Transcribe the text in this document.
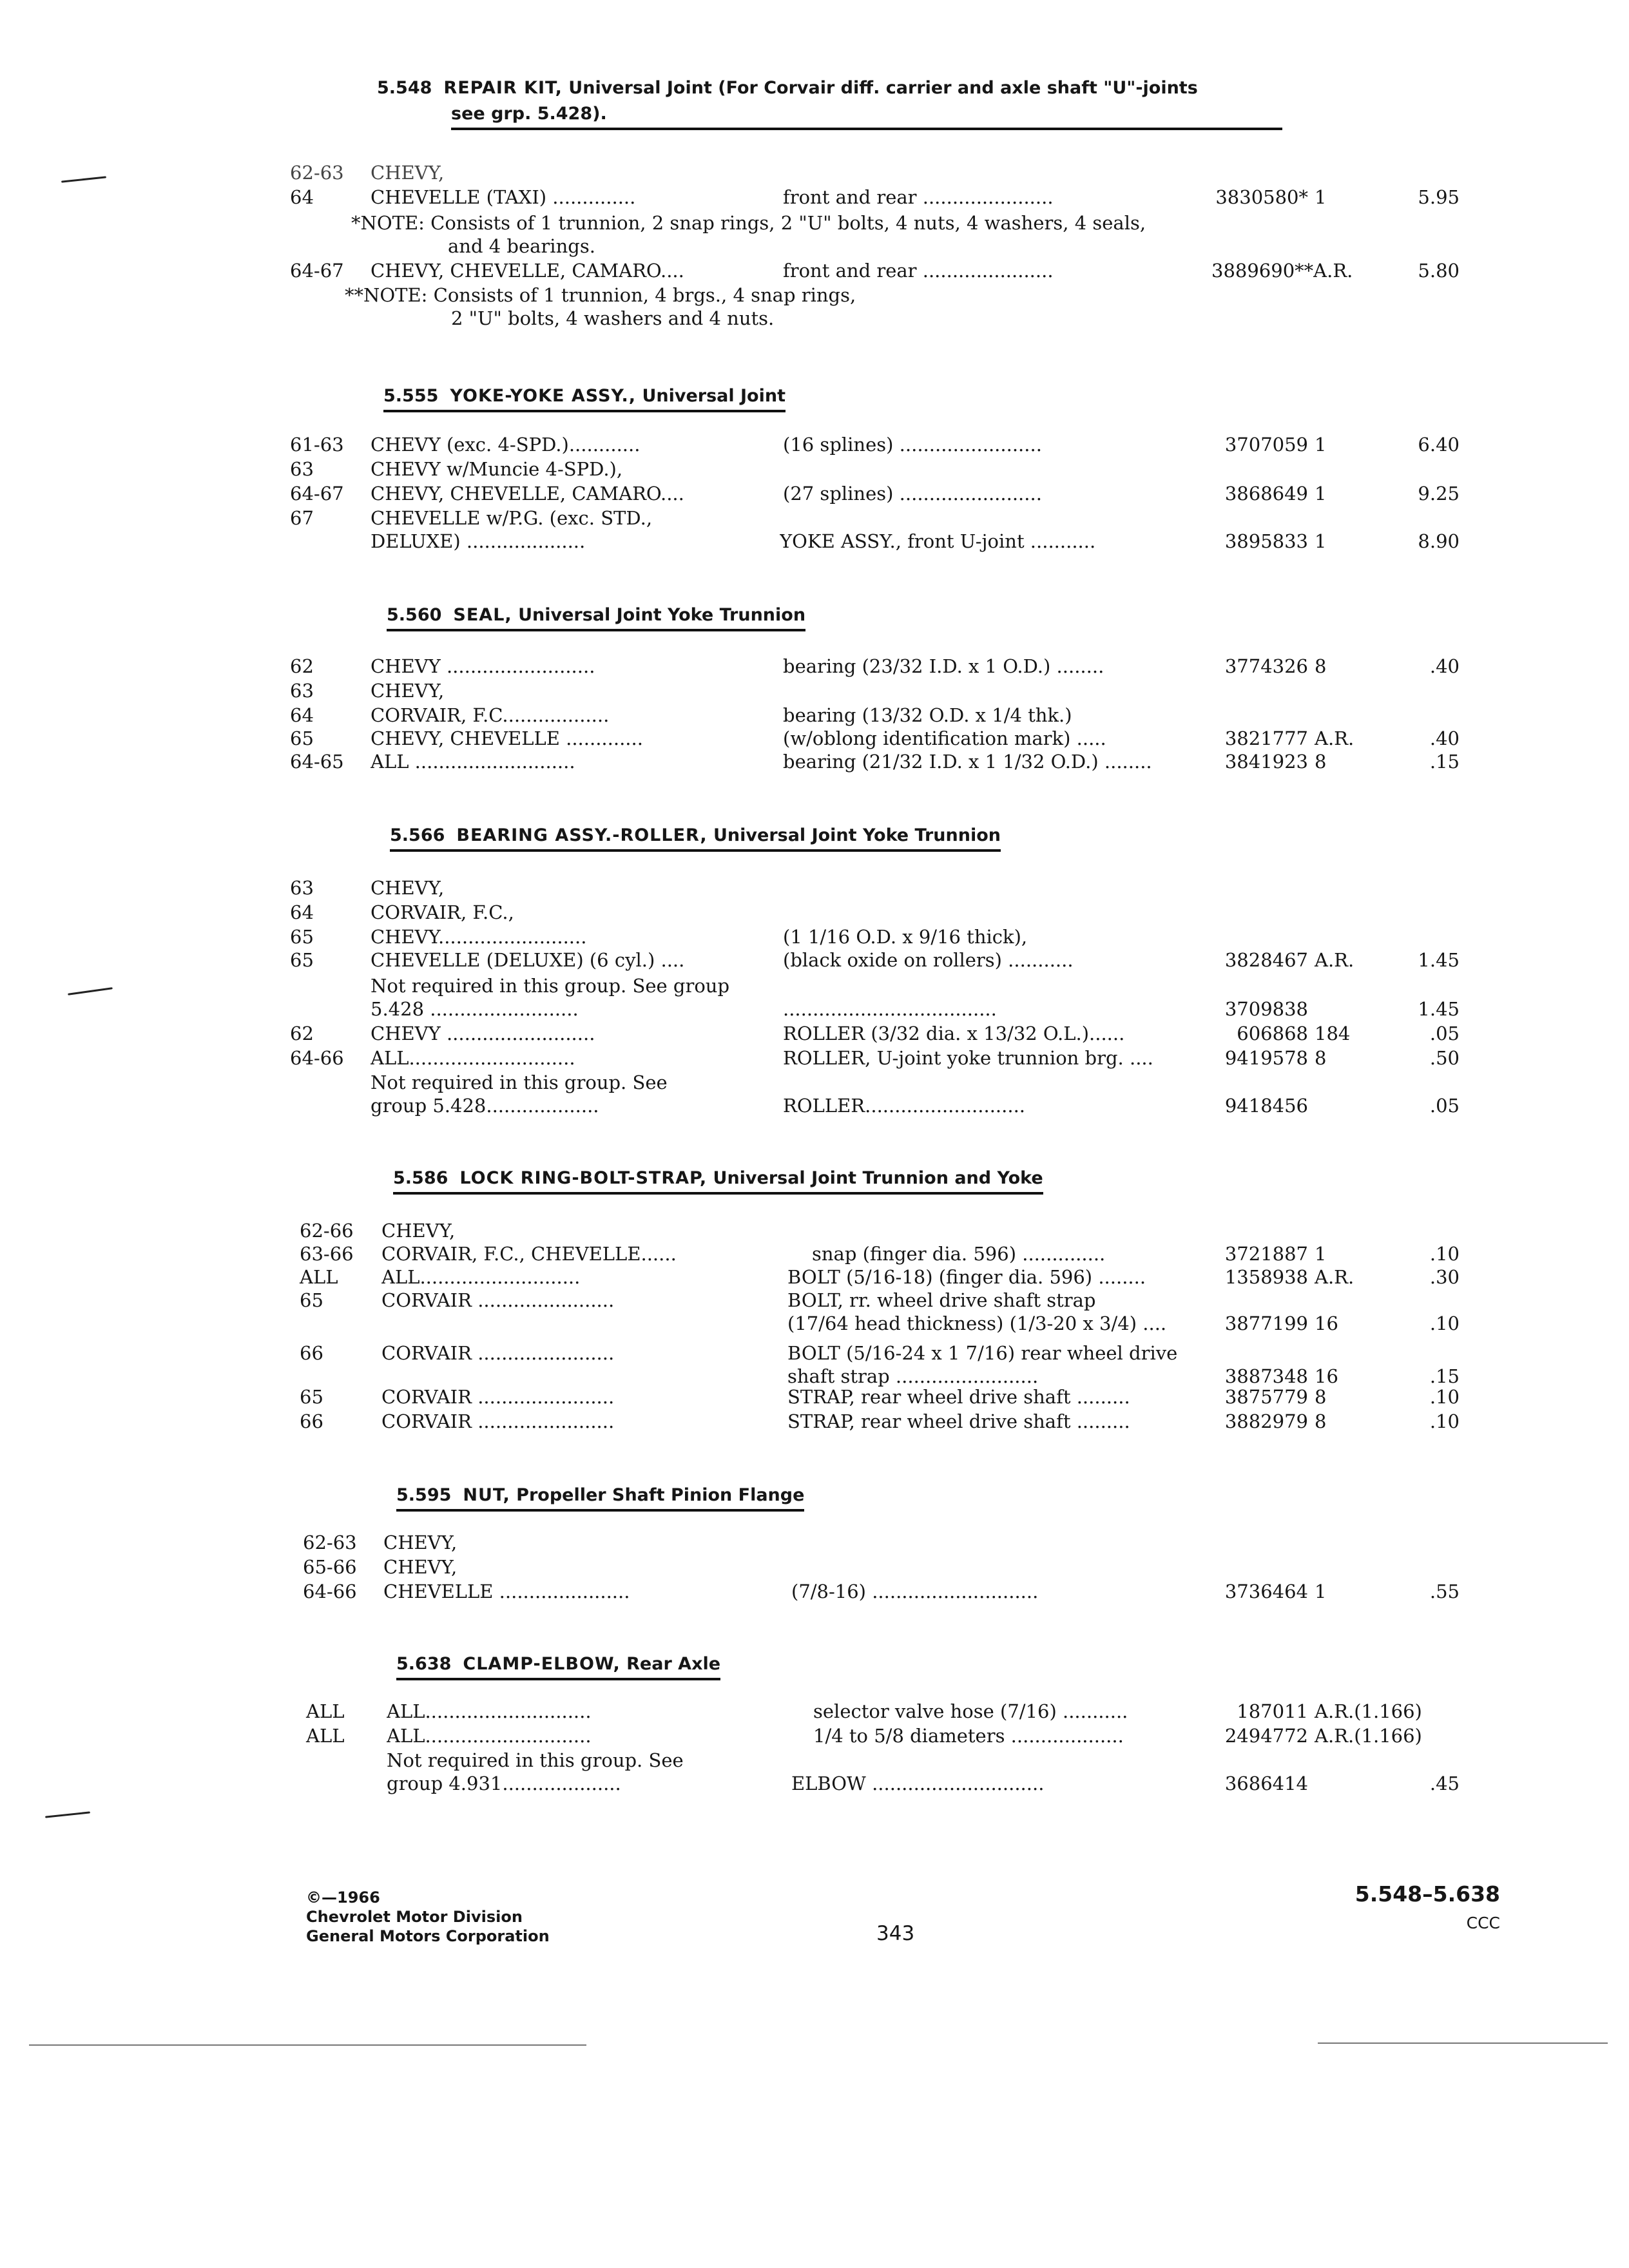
5.548 REPAIR KIT, Universal Joint (For Corvair diff. carrier and axle shaft "U"-joints
see grp. 5.428).
62-63 CHEVY,
64	CHEVELLE (TAXI) ..............	front and rear ......................	3830580* 1	5.95
*NOTE: Consists of 1 trunnion, 2 snap rings, 2 "U" bolts, 4 nuts, 4 washers, 4 seals,
and 4 bearings.
64-67 CHEVY, CHEVELLE, CAMARO....	front and rear ......................	3889690**A.R.	5.80
**NOTE: Consists of 1 trunnion, 4 brgs., 4 snap rings,
2 "U" bolts, 4 washers and 4 nuts.
5.555 YOKE-YOKE ASSY., Universal Joint
61-63 CHEVY (exc. 4-SPD.)............	(16 splines) ........................	3707059 1	6.40
63	CHEVY w/Muncie 4-SPD.),
64-67 CHEVY, CHEVELLE, CAMARO....	(27 splines) ........................	3868649 1	9.25
67	CHEVELLE w/P.G. (exc. STD.,
DELUXE) ....................	YOKE ASSY., front U-joint ...........	3895833 1	8.90
5.560 SEAL, Universal Joint Yoke Trunnion
62	CHEVY .........................	bearing (23/32 I.D. x 1 O.D.) ........	3774326 8	.40
63	CHEVY,
64	CORVAIR, F.C..................	bearing (13/32 O.D. x 1/4 thk.)
65	CHEVY, CHEVELLE .............	(w/oblong identification mark) .....	3821777 A.R.	.40
64-65 ALL ...........................	bearing (21/32 I.D. x 1 1/32 O.D.) ........	3841923 8	.15
5.566 BEARING ASSY.-ROLLER, Universal Joint Yoke Trunnion
63	CHEVY,
64	CORVAIR, F.C.,
65	CHEVY.........................	(1 1/16 O.D. x 9/16 thick),
65	CHEVELLE (DELUXE) (6 cyl.) ....	(black oxide on rollers) ...........	3828467 A.R.	1.45
Not required in this group. See group
5.428 .........................	....................................	3709838	1.45
62	CHEVY .........................	ROLLER (3/32 dia. x 13/32 O.L.)......	606868 184	.05
64-66 ALL............................	ROLLER, U-joint yoke trunnion brg. ....	9419578 8	.50
Not required in this group. See
group 5.428...................	ROLLER...........................	9418456	.05
5.586 LOCK RING-BOLT-STRAP, Universal Joint Trunnion and Yoke
62-66 CHEVY,
63-66 CORVAIR, F.C., CHEVELLE......	snap (finger dia. 596) ..............	3721887 1	.10
ALL ALL...........................	BOLT (5/16-18) (finger dia. 596) ........	1358938 A.R.	.30
65	CORVAIR .......................	BOLT, rr. wheel drive shaft strap
(17/64 head thickness) (1/3-20 x 3/4) ....	3877199 16	.10
66	CORVAIR .......................	BOLT (5/16-24 x 1 7/16) rear wheel drive
shaft strap ........................	3887348 16	.15
65	CORVAIR .......................	STRAP, rear wheel drive shaft .........	3875779 8	.10
66	CORVAIR .......................	STRAP, rear wheel drive shaft .........	3882979 8	.10
5.595 NUT, Propeller Shaft Pinion Flange
62-63 CHEVY,
65-66 CHEVY,
64-66 CHEVELLE ......................	(7/8-16) ............................	3736464 1	.55
5.638 CLAMP-ELBOW, Rear Axle
ALL ALL............................	selector valve hose (7/16) ...........	187011 A.R.(1.166)
ALL ALL............................	1/4 to 5/8 diameters ...................	2494772 A.R.(1.166)
Not required in this group. See
group 4.931....................	ELBOW .............................	3686414	.45
©—1966
Chevrolet Motor Division
General Motors Corporation	343
5.548–5.638
CCC
